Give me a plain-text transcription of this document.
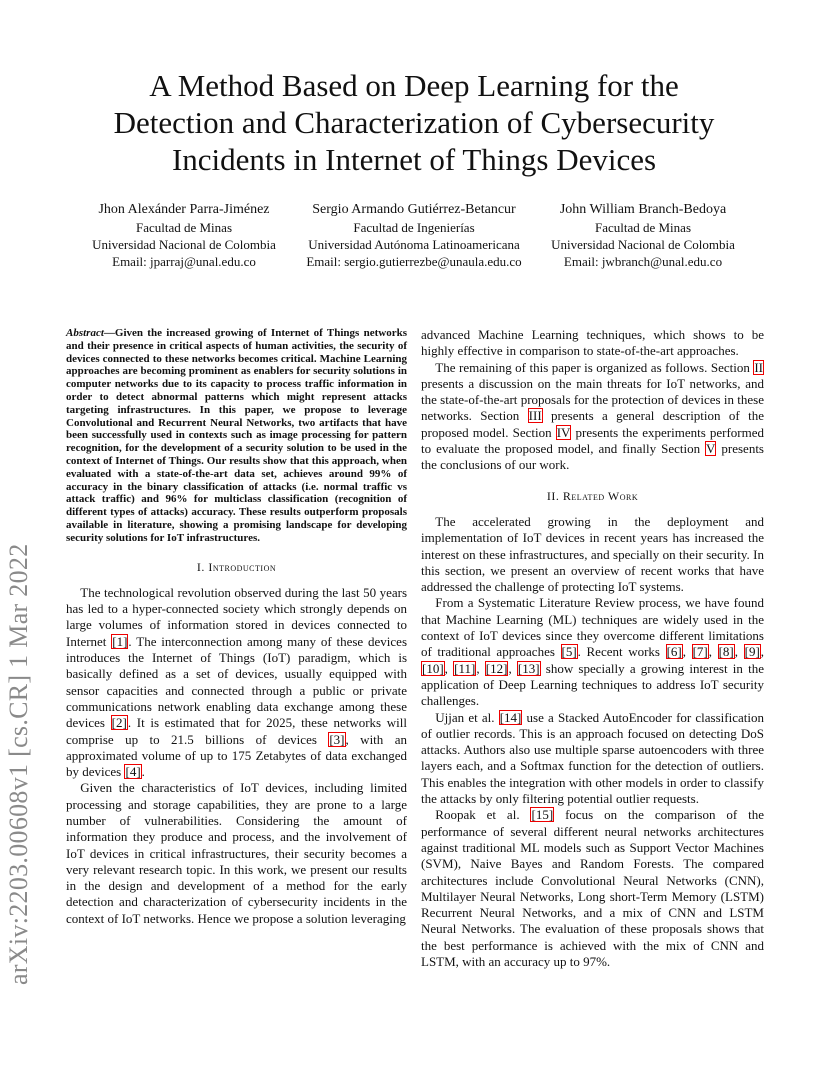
arXiv:2203.00608v1 [cs.CR] 1 Mar 2022
A Method Based on Deep Learning for the
Detection and Characterization of Cybersecurity
Incidents in Internet of Things Devices
Jhon Alexánder Parra-Jiménez
Facultad de Minas
Universidad Nacional de Colombia
Email: jparraj@unal.edu.co
Sergio Armando Gutiérrez-Betancur
Facultad de Ingenierías
Universidad Autónoma Latinoamericana
Email: sergio.gutierrezbe@unaula.edu.co
John William Branch-Bedoya
Facultad de Minas
Universidad Nacional de Colombia
Email: jwbranch@unal.edu.co

Abstract—Given the increased growing of Internet of Things networks and their presence in critical aspects of human activities, the security of devices connected to these networks becomes critical. Machine Learning approaches are becoming prominent as enablers for security solutions in computer networks due to its capacity to process traffic information in order to detect abnormal patterns which might represent attacks targeting infrastructures. In this paper, we propose to leverage Convolutional and Recurrent Neural Networks, two artifacts that have been successfully used in contexts such as image processing for pattern recognition, for the development of a security solution to be used in the context of Internet of Things. Our results show that this approach, when evaluated with a state-of-the-art data set, achieves around 99% of accuracy in the binary classification of attacks (i.e. normal traffic vs attack traffic) and 96% for multiclass classification (recognition of different types of attacks) accuracy. These results outperform proposals available in literature, showing a promising landscape for developing security solutions for IoT infrastructures.

I. Introduction

The technological revolution observed during the last 50 years has led to a hyper-connected society which strongly depends on large volumes of information stored in devices connected to Internet [1]. The interconnection among many of these devices introduces the Internet of Things (IoT) paradigm, which is basically defined as a set of devices, usually equipped with sensor capacities and connected through a public or private communications network enabling data exchange among these devices [2]. It is estimated that for 2025, these networks will comprise up to 21.5 billions of devices [3], with an approximated volume of up to 175 Zetabytes of data exchanged by devices [4].

Given the characteristics of IoT devices, including limited processing and storage capabilities, they are prone to a large number of vulnerabilities. Considering the amount of information they produce and process, and the involvement of IoT devices in critical infrastructures, their security becomes a very relevant research topic. In this work, we present our results in the design and development of a method for the early detection and characterization of cybersecurity incidents in the context of IoT networks. Hence we propose a solution leveraging

advanced Machine Learning techniques, which shows to be highly effective in comparison to state-of-the-art approaches.

The remaining of this paper is organized as follows. Section II presents a discussion on the main threats for IoT networks, and the state-of-the-art proposals for the protection of devices in these networks. Section III presents a general description of the proposed model. Section IV presents the experiments performed to evaluate the proposed model, and finally Section V presents the conclusions of our work.

II. Related Work

The accelerated growing in the deployment and implementation of IoT devices in recent years has increased the interest on these infrastructures, and specially on their security. In this section, we present an overview of recent works that have addressed the challenge of protecting IoT systems.

From a Systematic Literature Review process, we have found that Machine Learning (ML) techniques are widely used in the context of IoT devices since they overcome different limitations of traditional approaches [5]. Recent works [6], [7], [8], [9], [10], [11], [12], [13] show specially a growing interest in the application of Deep Learning techniques to address IoT security challenges.

Ujjan et al. [14] use a Stacked AutoEncoder for classification of outlier records. This is an approach focused on detecting DoS attacks. Authors also use multiple sparse autoencoders with three layers each, and a Softmax function for the detection of outliers. This enables the integration with other models in order to classify the attacks by only filtering potential outlier requests.

Roopak et al. [15] focus on the comparison of the performance of several different neural networks architectures against traditional ML models such as Support Vector Machines (SVM), Naive Bayes and Random Forests. The compared architectures include Convolutional Neural Networks (CNN), Multilayer Neural Networks, Long short-Term Memory (LSTM) Recurrent Neural Networks, and a mix of CNN and LSTM Neural Networks. The evaluation of these proposals shows that the best performance is achieved with the mix of CNN and LSTM, with an accuracy up to 97%.
